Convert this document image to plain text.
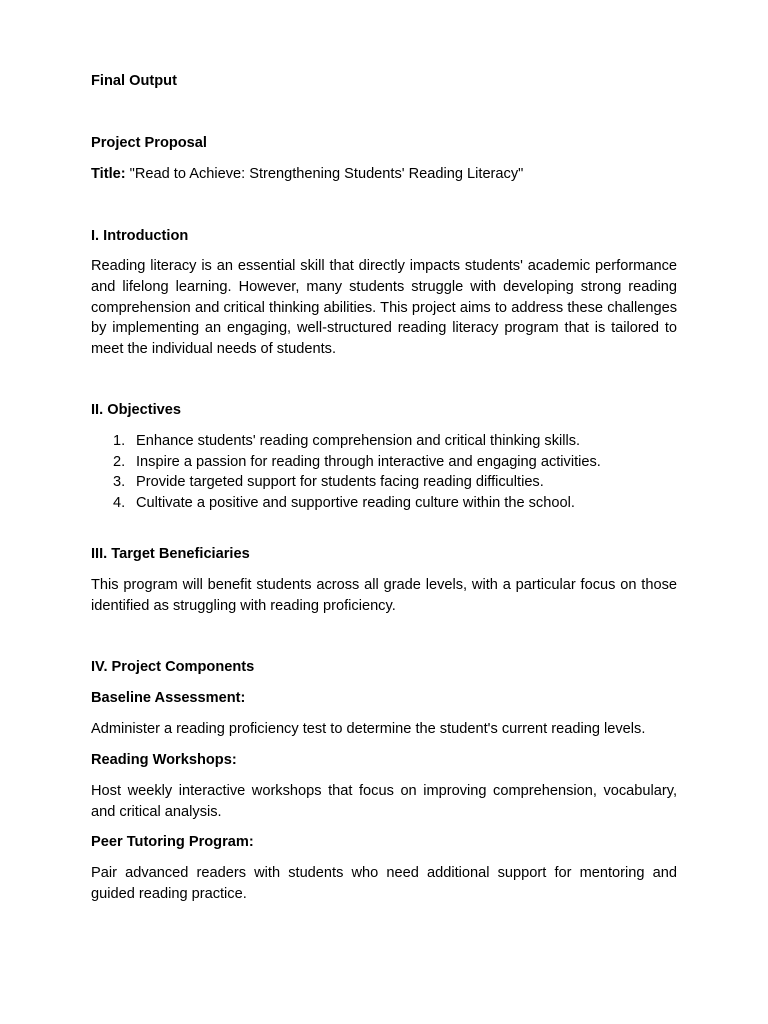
Final Output
Project Proposal
Title: "Read to Achieve: Strengthening Students' Reading Literacy"
I. Introduction

Reading literacy is an essential skill that directly impacts students' academic performance and lifelong learning. However, many students struggle with developing strong reading comprehension and critical thinking abilities. This project aims to address these challenges by implementing an engaging, well-structured reading literacy program that is tailored to meet the individual needs of students.

II. Objectives
1. Enhance students' reading comprehension and critical thinking skills.
2. Inspire a passion for reading through interactive and engaging activities.
3. Provide targeted support for students facing reading difficulties.
4. Cultivate a positive and supportive reading culture within the school.
III. Target Beneficiaries

This program will benefit students across all grade levels, with a particular focus on those identified as struggling with reading proficiency.

IV. Project Components
Baseline Assessment:

Administer a reading proficiency test to determine the student's current reading levels.

Reading Workshops:

Host weekly interactive workshops that focus on improving comprehension, vocabulary, and critical analysis.

Peer Tutoring Program:

Pair advanced readers with students who need additional support for mentoring and guided reading practice.
